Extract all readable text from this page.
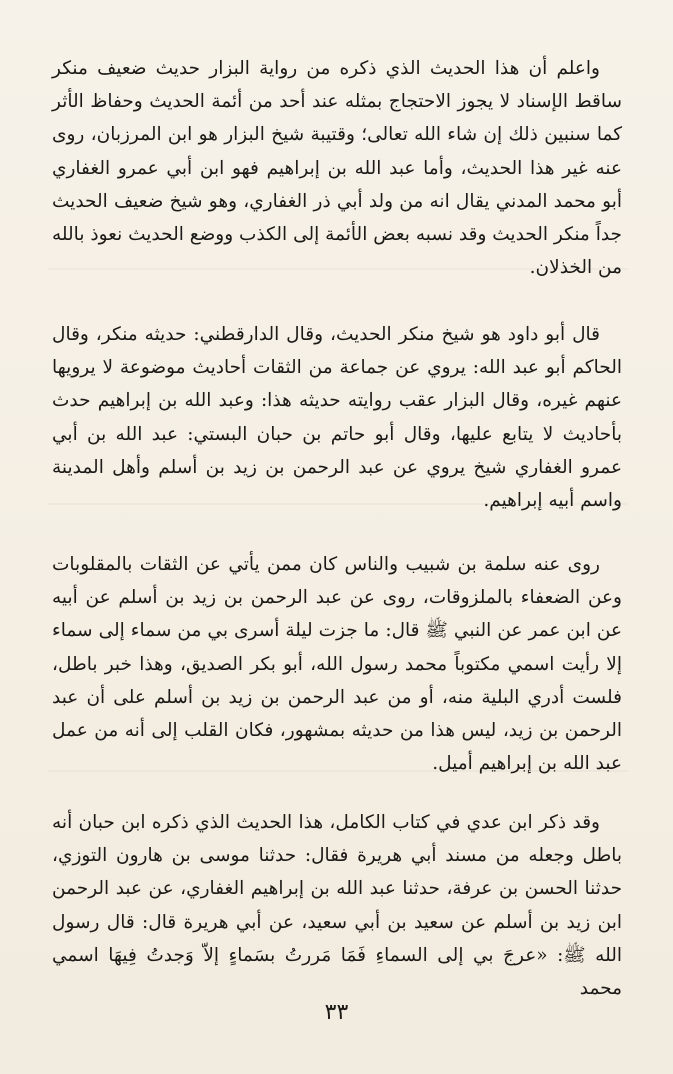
واعلم أن هذا الحديث الذي ذكره من رواية البزار حديث ضعيف منكر ساقط الإسناد لا يجوز الاحتجاج بمثله عند أحد من أئمة الحديث وحفاظ الأثر كما سنبين ذلك إن شاء الله تعالى؛ وقتيبة شيخ البزار هو ابن المرزبان، روى عنه غير هذا الحديث، وأما عبد الله بن إبراهيم فهو ابن أبي عمرو الغفاري أبو محمد المدني يقال انه من ولد أبي ذر الغفاري، وهو شيخ ضعيف الحديث جداً منكر الحديث وقد نسبه بعض الأئمة إلى الكذب ووضع الحديث نعوذ بالله من الخذلان.

قال أبو داود هو شيخ منكر الحديث، وقال الدارقطني: حديثه منكر، وقال الحاكم أبو عبد الله: يروي عن جماعة من الثقات أحاديث موضوعة لا يرويها عنهم غيره، وقال البزار عقب روايته حديثه هذا: وعبد الله بن إبراهيم حدث بأحاديث لا يتابع عليها، وقال أبو حاتم بن حبان البستي: عبد الله بن أبي عمرو الغفاري شيخ يروي عن عبد الرحمن بن زيد بن أسلم وأهل المدينة واسم أبيه إبراهيم.

روى عنه سلمة بن شبيب والناس كان ممن يأتي عن الثقات بالمقلوبات وعن الضعفاء بالملزوقات، روى عن عبد الرحمن بن زيد بن أسلم عن أبيه عن ابن عمر عن النبي ﷺ قال: ما جزت ليلة أسرى بي من سماء إلى سماء إلا رأيت اسمي مكتوباً محمد رسول الله، أبو بكر الصديق، وهذا خبر باطل، فلست أدري البلية منه، أو من عبد الرحمن بن زيد بن أسلم على أن عبد الرحمن بن زيد، ليس هذا من حديثه بمشهور، فكان القلب إلى أنه من عمل عبد الله بن إبراهيم أميل.

وقد ذكر ابن عدي في كتاب الكامل، هذا الحديث الذي ذكره ابن حبان أنه باطل وجعله من مسند أبي هريرة فقال: حدثنا موسى بن هارون التوزي، حدثنا الحسن بن عرفة، حدثنا عبد الله بن إبراهيم الغفاري، عن عبد الرحمن ابن زيد بن أسلم عن سعيد بن أبي سعيد، عن أبي هريرة قال: قال رسول الله ﷺ: «عرجَ بي إلى السماءِ فَمَا مَررتُ بسَماءٍ إلاّ وَجدتُ فِيهَا اسمي محمد

٣٣
